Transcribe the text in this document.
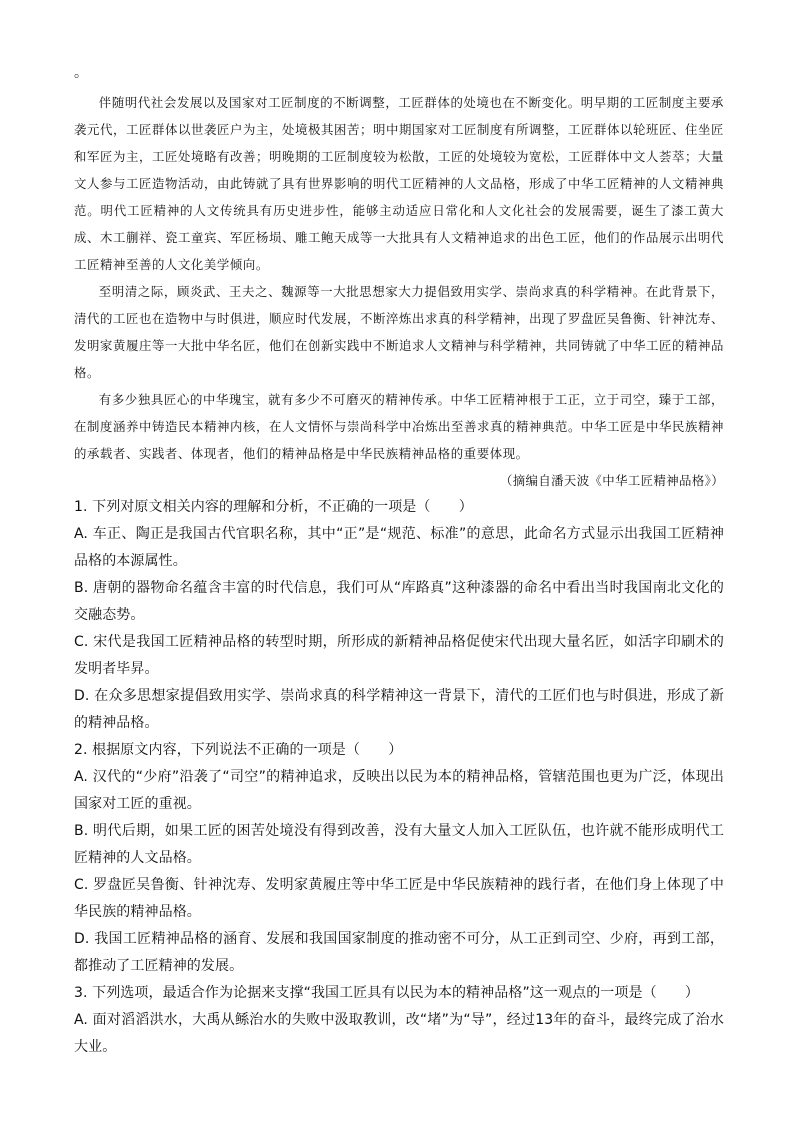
。

伴随明代社会发展以及国家对工匠制度的不断调整，工匠群体的处境也在不断变化。明早期的工匠制度主要承袭元代，工匠群体以世袭匠户为主，处境极其困苦；明中期国家对工匠制度有所调整，工匠群体以轮班匠、住坐匠和军匠为主，工匠处境略有改善；明晚期的工匠制度较为松散，工匠的处境较为宽松，工匠群体中文人荟萃；大量文人参与工匠造物活动，由此铸就了具有世界影响的明代工匠精神的人文品格，形成了中华工匠精神的人文精神典范。明代工匠精神的人文传统具有历史进步性，能够主动适应日常化和人文化社会的发展需要，诞生了漆工黄大成、木工蒯祥、瓷工童宾、军匠杨埙、雕工鲍天成等一大批具有人文精神追求的出色工匠，他们的作品展示出明代工匠精神至善的人文化美学倾向。

至明清之际，顾炎武、王夫之、魏源等一大批思想家大力提倡致用实学、崇尚求真的科学精神。在此背景下，清代的工匠也在造物中与时俱进，顺应时代发展，不断淬炼出求真的科学精神，出现了罗盘匠吴鲁衡、针神沈寿、发明家黄履庄等一大批中华名匠，他们在创新实践中不断追求人文精神与科学精神，共同铸就了中华工匠的精神品格。

有多少独具匠心的中华瑰宝，就有多少不可磨灭的精神传承。中华工匠精神根于工正，立于司空，臻于工部，在制度涵养中铸造民本精神内核，在人文情怀与崇尚科学中冶炼出至善求真的精神典范。中华工匠是中华民族精神的承载者、实践者、体现者，他们的精神品格是中华民族精神品格的重要体现。

（摘编自潘天波《中华工匠精神品格》）

1. 下列对原文相关内容的理解和分析，不正确的一项是（　　）

A. 车正、陶正是我国古代官职名称，其中“正”是“规范、标准”的意思，此命名方式显示出我国工匠精神品格的本源属性。

B. 唐朝的器物命名蕴含丰富的时代信息，我们可从“库路真”这种漆器的命名中看出当时我国南北文化的交融态势。

C. 宋代是我国工匠精神品格的转型时期，所形成的新精神品格促使宋代出现大量名匠，如活字印刷术的发明者毕昇。

D. 在众多思想家提倡致用实学、崇尚求真的科学精神这一背景下，清代的工匠们也与时俱进，形成了新的精神品格。

2. 根据原文内容，下列说法不正确的一项是（　　）

A. 汉代的“少府”沿袭了“司空”的精神追求，反映出以民为本的精神品格，管辖范围也更为广泛，体现出国家对工匠的重视。

B. 明代后期，如果工匠的困苦处境没有得到改善，没有大量文人加入工匠队伍，也许就不能形成明代工匠精神的人文品格。

C. 罗盘匠吴鲁衡、针神沈寿、发明家黄履庄等中华工匠是中华民族精神的践行者，在他们身上体现了中华民族的精神品格。

D. 我国工匠精神品格的涵育、发展和我国国家制度的推动密不可分，从工正到司空、少府，再到工部，都推动了工匠精神的发展。

3. 下列选项，最适合作为论据来支撑“我国工匠具有以民为本的精神品格”这一观点的一项是（　　）

A. 面对滔滔洪水，大禹从鲧治水的失败中汲取教训，改“堵”为“导”，经过13年的奋斗，最终完成了治水大业。
